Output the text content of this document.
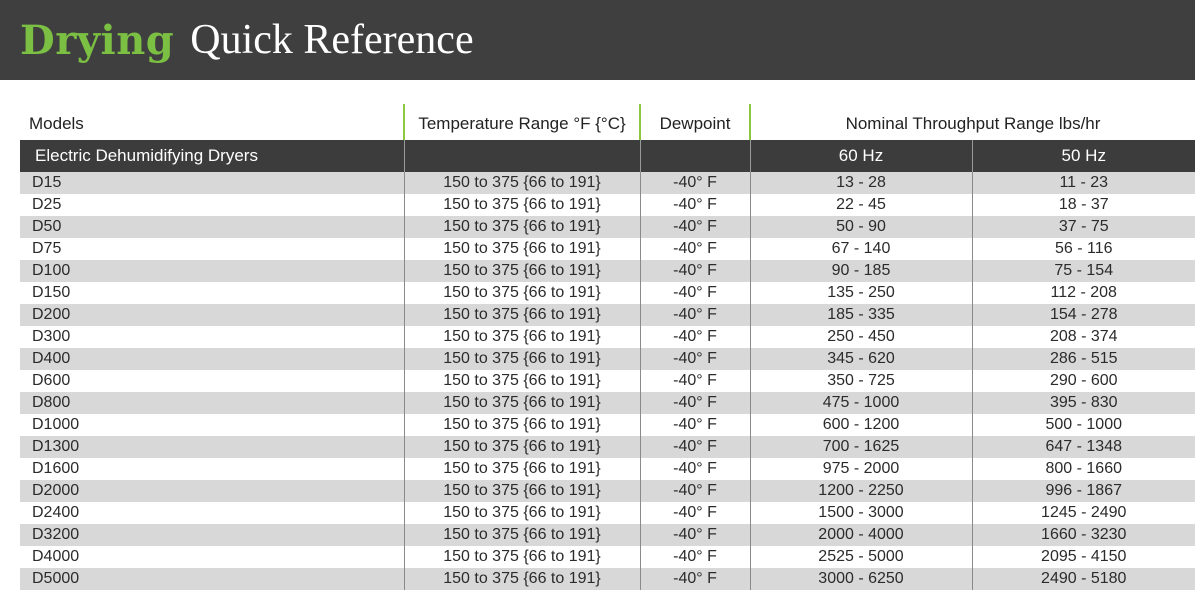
Drying Quick Reference
Models	Temperature Range °F {°C}	Dewpoint	Nominal Throughput Range lbs/hr	
Electric Dehumidifying Dryers			60 Hz	50 Hz
D15	150 to 375 {66 to 191}	-40° F	13 - 28	11 - 23
D25	150 to 375 {66 to 191}	-40° F	22 - 45	18 - 37
D50	150 to 375 {66 to 191}	-40° F	50 - 90	37 - 75
D75	150 to 375 {66 to 191}	-40° F	67 - 140	56 - 116
D100	150 to 375 {66 to 191}	-40° F	90 - 185	75 - 154
D150	150 to 375 {66 to 191}	-40° F	135 - 250	112 - 208
D200	150 to 375 {66 to 191}	-40° F	185 - 335	154 - 278
D300	150 to 375 {66 to 191}	-40° F	250 - 450	208 - 374
D400	150 to 375 {66 to 191}	-40° F	345 - 620	286 - 515
D600	150 to 375 {66 to 191}	-40° F	350 - 725	290 - 600
D800	150 to 375 {66 to 191}	-40° F	475 - 1000	395 - 830
D1000	150 to 375 {66 to 191}	-40° F	600 - 1200	500 - 1000
D1300	150 to 375 {66 to 191}	-40° F	700 - 1625	647 - 1348
D1600	150 to 375 {66 to 191}	-40° F	975 - 2000	800 - 1660
D2000	150 to 375 {66 to 191}	-40° F	1200 - 2250	996 - 1867
D2400	150 to 375 {66 to 191}	-40° F	1500 - 3000	1245 - 2490
D3200	150 to 375 {66 to 191}	-40° F	2000 - 4000	1660 - 3230
D4000	150 to 375 {66 to 191}	-40° F	2525 - 5000	2095 - 4150
D5000	150 to 375 {66 to 191}	-40° F	3000 - 6250	2490 - 5180
